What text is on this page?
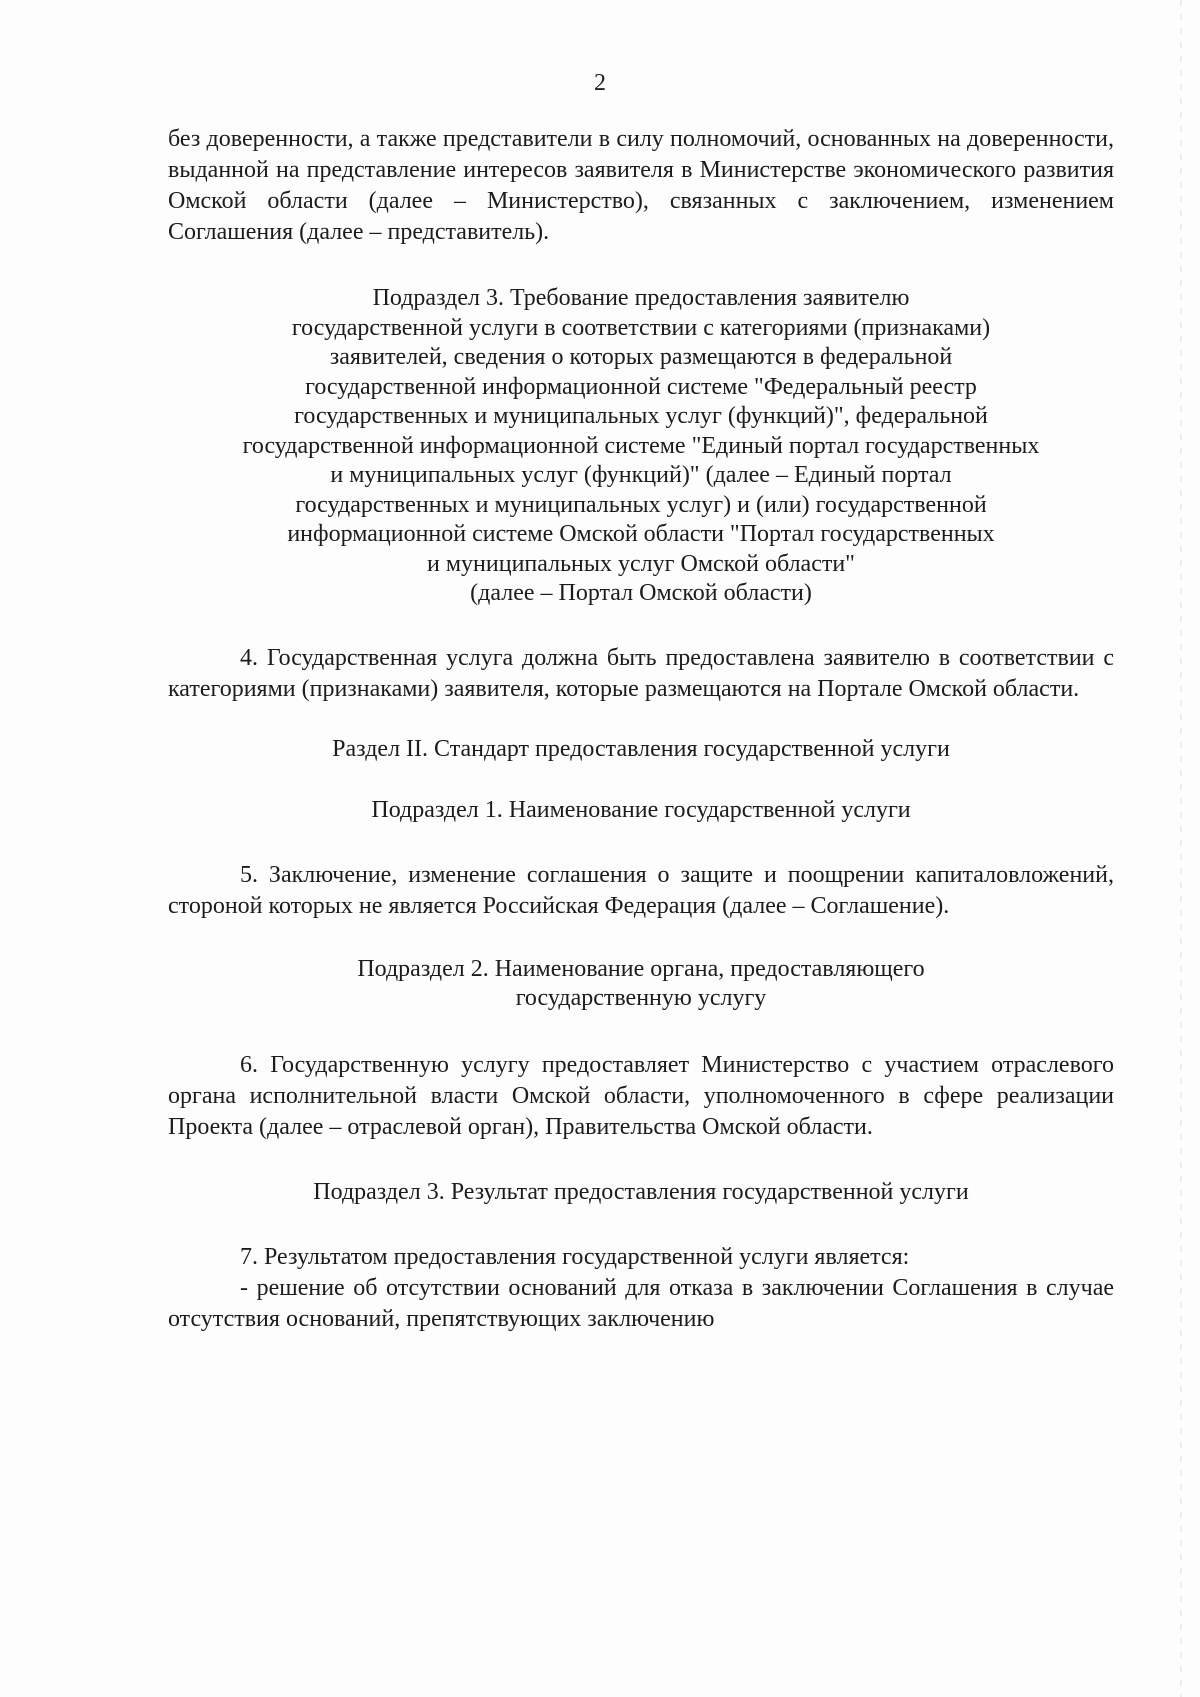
2

без доверенности, а также представители в силу полномочий, основанных на доверенности, выданной на представление интересов заявителя в Министерстве экономического развития Омской области (далее – Министерство), связанных с заключением, изменением Соглашения (далее – представитель).

Подраздел 3. Требование предоставления заявителю
государственной услуги в соответствии с категориями (признаками)
заявителей, сведения о которых размещаются в федеральной
государственной информационной системе "Федеральный реестр
государственных и муниципальных услуг (функций)", федеральной
государственной информационной системе "Единый портал государственных
и муниципальных услуг (функций)" (далее – Единый портал
государственных и муниципальных услуг) и (или) государственной
информационной системе Омской области "Портал государственных
и муниципальных услуг Омской области"
(далее – Портал Омской области)

4. Государственная услуга должна быть предоставлена заявителю в соответствии с категориями (признаками) заявителя, которые размещаются на Портале Омской области.

Раздел II. Стандарт предоставления государственной услуги
Подраздел 1. Наименование государственной услуги

5. Заключение, изменение соглашения о защите и поощрении капиталовложений, стороной которых не является Российская Федерация (далее – Соглашение).

Подраздел 2. Наименование органа, предоставляющего
государственную услугу

6. Государственную услугу предоставляет Министерство с участием отраслевого органа исполнительной власти Омской области, уполномоченного в сфере реализации Проекта (далее – отраслевой орган), Правительства Омской области.

Подраздел 3. Результат предоставления государственной услуги

7. Результатом предоставления государственной услуги является:

- решение об отсутствии оснований для отказа в заключении Соглашения в случае отсутствия оснований, препятствующих заключению
